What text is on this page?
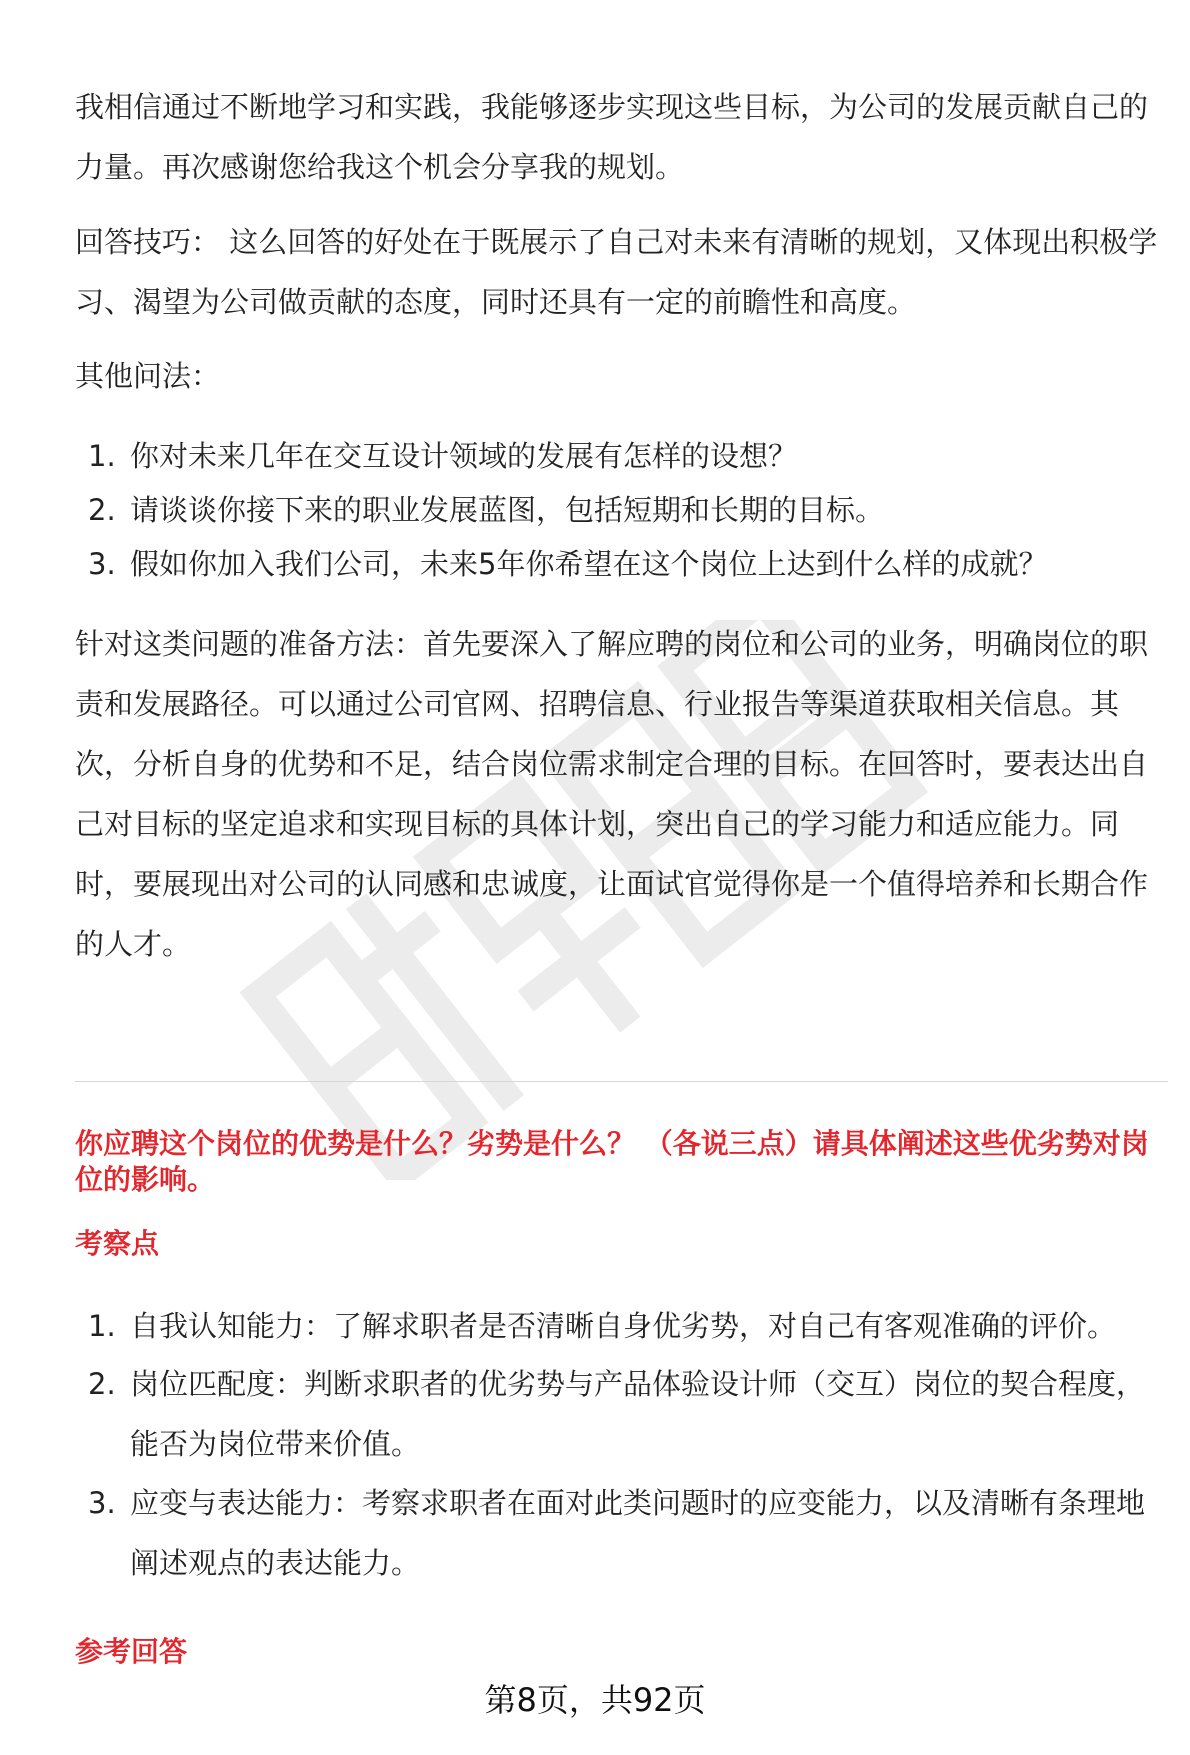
我相信通过不断地学习和实践，我能够逐步实现这些目标，为公司的发展贡献自己的力量。再次感谢您给我这个机会分享我的规划。

回答技巧： 这么回答的好处在于既展示了自己对未来有清晰的规划，又体现出积极学习、渴望为公司做贡献的态度，同时还具有一定的前瞻性和高度。

其他问法：

1. 你对未来几年在交互设计领域的发展有怎样的设想？
2. 请谈谈你接下来的职业发展蓝图，包括短期和长期的目标。
3. 假如你加入我们公司，未来5年你希望在这个岗位上达到什么样的成就？

针对这类问题的准备方法：首先要深入了解应聘的岗位和公司的业务，明确岗位的职责和发展路径。可以通过公司官网、招聘信息、行业报告等渠道获取相关信息。其次，分析自身的优势和不足，结合岗位需求制定合理的目标。在回答时，要表达出自己对目标的坚定追求和实现目标的具体计划，突出自己的学习能力和适应能力。同时，要展现出对公司的认同感和忠诚度，让面试官觉得你是一个值得培养和长期合作的人才。

你应聘这个岗位的优势是什么？劣势是什么？ （各说三点）请具体阐述这些优劣势对岗位的影响。
考察点
1. 自我认知能力：了解求职者是否清晰自身优劣势，对自己有客观准确的评价。
2. 岗位匹配度：判断求职者的优劣势与产品体验设计师（交互）岗位的契合程度，能否为岗位带来价值。
3. 应变与表达能力：考察求职者在面对此类问题时的应变能力，以及清晰有条理地阐述观点的表达能力。
参考回答
第8页，共92页
